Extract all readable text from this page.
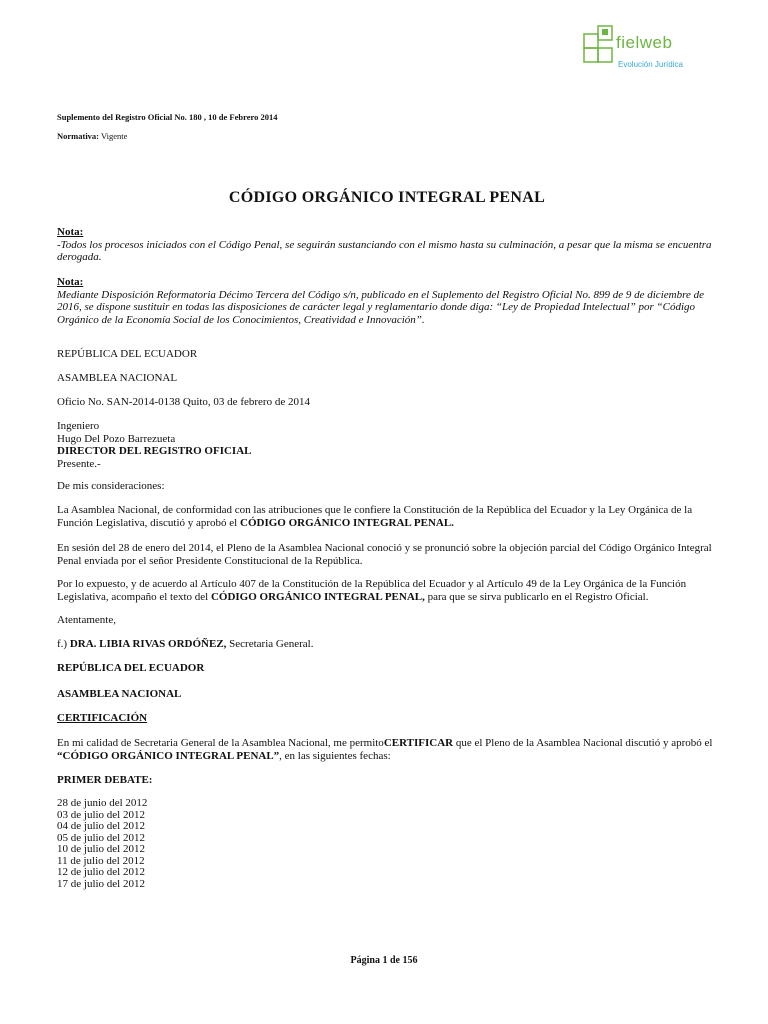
fielweb
Evolución Jurídica

Suplemento del Registro Oficial No. 180 , 10 de Febrero 2014

Normativa: Vigente

CÓDIGO ORGÁNICO INTEGRAL PENAL

Nota:

-Todos los procesos iniciados con el Código Penal, se seguirán sustanciando con el mismo hasta su culminación, a pesar que la misma se encuentra derogada.

Nota:

Mediante Disposición Reformatoria Décimo Tercera del Código s/n, publicado en el Suplemento del Registro Oficial No. 899 de 9 de diciembre de 2016, se dispone sustituir en todas las disposiciones de carácter legal y reglamentario donde diga: “Ley de Propiedad Intelectual” por “Código Orgánico de la Economía Social de los Conocimientos, Creatividad e Innovación”.

REPÚBLICA DEL ECUADOR

ASAMBLEA NACIONAL

Oficio No. SAN-2014-0138 Quito, 03 de febrero de 2014

Ingeniero

Hugo Del Pozo Barrezueta

DIRECTOR DEL REGISTRO OFICIAL

Presente.-

De mis consideraciones:

La Asamblea Nacional, de conformidad con las atribuciones que le confiere la Constitución de la República del Ecuador y la Ley Orgánica de la Función Legislativa, discutió y aprobó el CÓDIGO ORGÁNICO INTEGRAL PENAL.

En sesión del 28 de enero del 2014, el Pleno de la Asamblea Nacional conoció y se pronunció sobre la objeción parcial del Código Orgánico Integral Penal enviada por el señor Presidente Constitucional de la República.

Por lo expuesto, y de acuerdo al Artículo 407 de la Constitución de la República del Ecuador y al Artículo 49 de la Ley Orgánica de la Función Legislativa, acompaño el texto del CÓDIGO ORGÁNICO INTEGRAL PENAL, para que se sirva publicarlo en el Registro Oficial.

Atentamente,

f.) DRA. LIBIA RIVAS ORDÓÑEZ, Secretaria General.

REPÚBLICA DEL ECUADOR

ASAMBLEA NACIONAL

CERTIFICACIÓN

En mi calidad de Secretaria General de la Asamblea Nacional, me permitoCERTIFICAR que el Pleno de la Asamblea Nacional discutió y aprobó el “CÓDIGO ORGÁNICO INTEGRAL PENAL”, en las siguientes fechas:

PRIMER DEBATE:

28 de junio del 2012
03 de julio del 2012
04 de julio del 2012
05 de julio del 2012
10 de julio del 2012
11 de julio del 2012
12 de julio del 2012
17 de julio del 2012
Página 1 de 156
